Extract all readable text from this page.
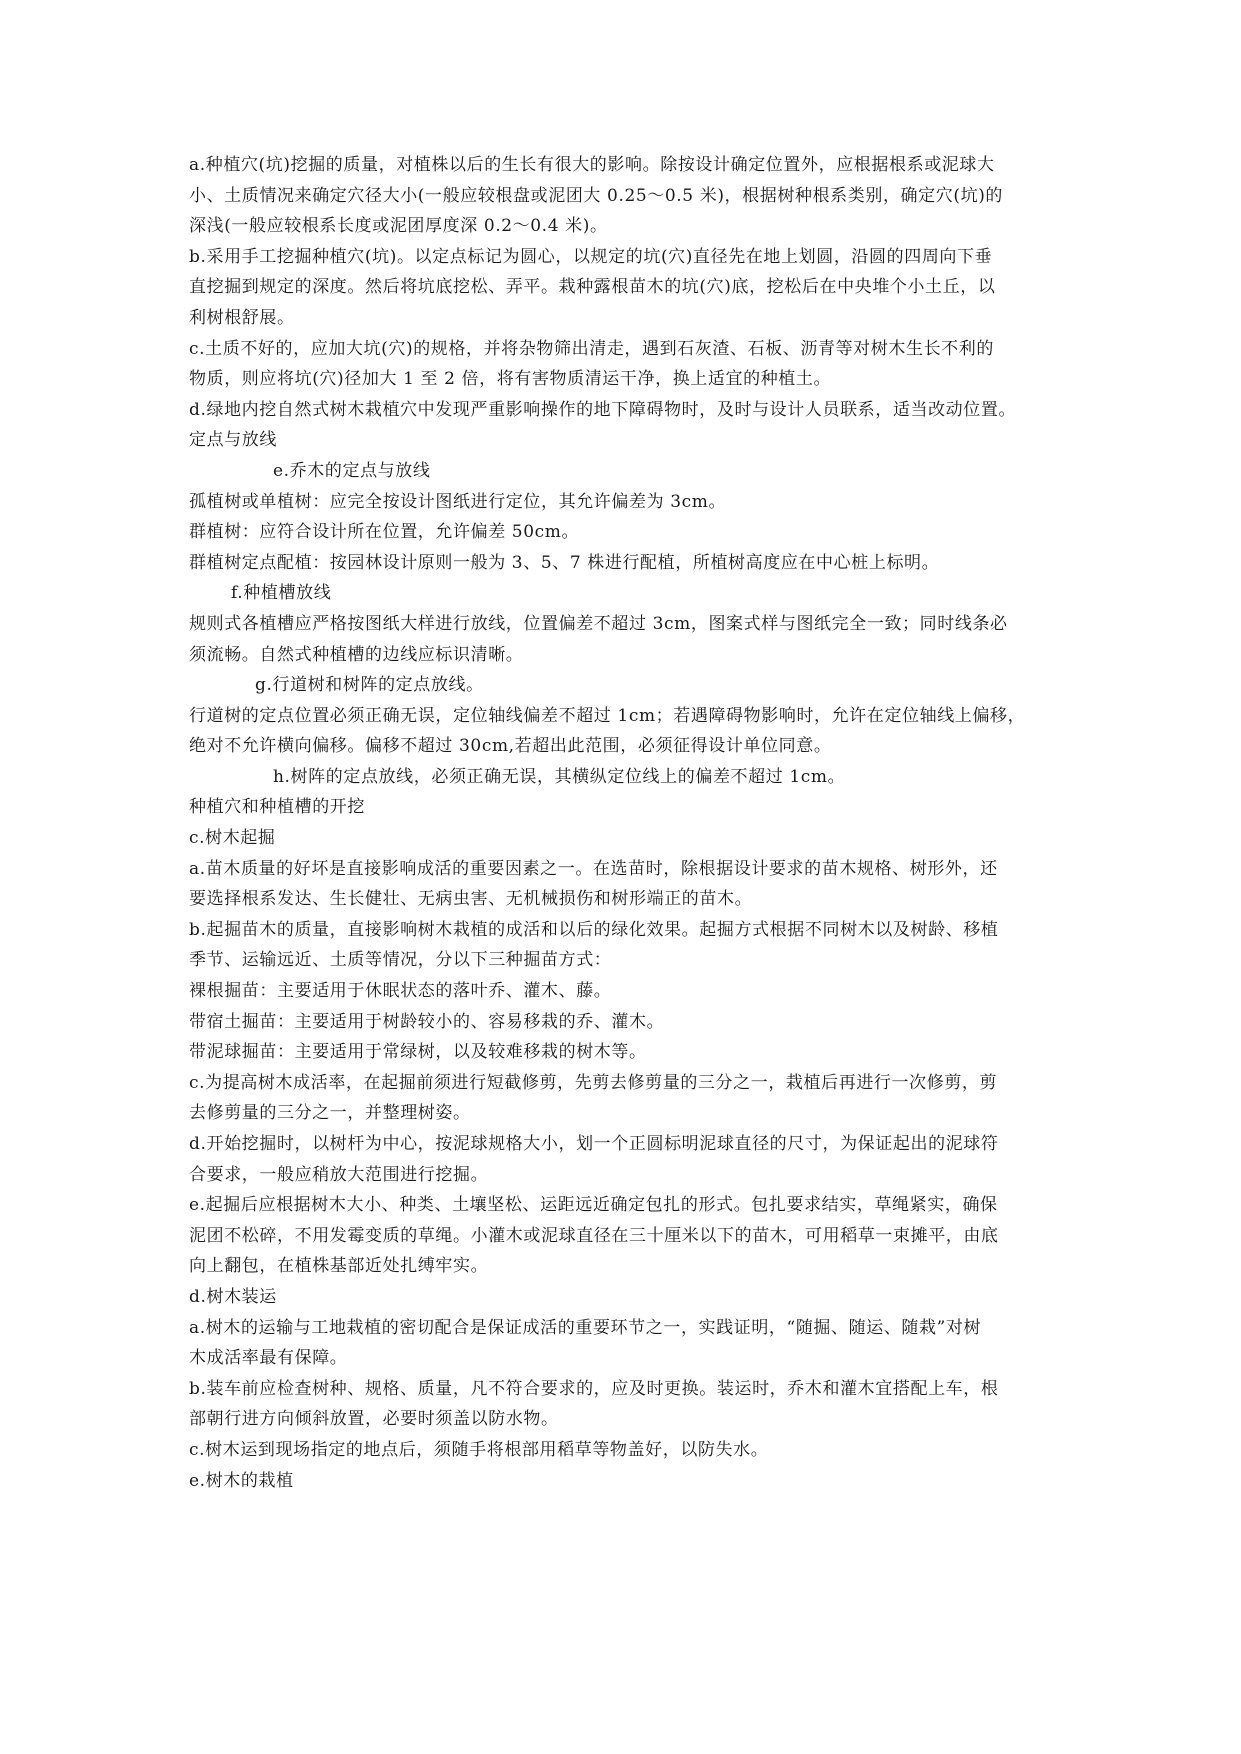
a.种植穴(坑)挖掘的质量，对植株以后的生长有很大的影响。除按设计确定位置外，应根据根系或泥球大

小、土质情况来确定穴径大小(一般应较根盘或泥团大 0.25～0.5 米)，根据树种根系类别，确定穴(坑)的

深浅(一般应较根系长度或泥团厚度深 0.2～0.4 米)。

b.采用手工挖掘种植穴(坑)。以定点标记为圆心，以规定的坑(穴)直径先在地上划圆，沿圆的四周向下垂

直挖掘到规定的深度。然后将坑底挖松、弄平。栽种露根苗木的坑(穴)底，挖松后在中央堆个小土丘，以

利树根舒展。

c.土质不好的，应加大坑(穴)的规格，并将杂物筛出清走，遇到石灰渣、石板、沥青等对树木生长不利的

物质，则应将坑(穴)径加大 1 至 2 倍，将有害物质清运干净，换上适宜的种植土。

d.绿地内挖自然式树木栽植穴中发现严重影响操作的地下障碍物时，及时与设计人员联系，适当改动位置。

定点与放线

e.乔木的定点与放线

孤植树或单植树：应完全按设计图纸进行定位，其允许偏差为 3cm。

群植树：应符合设计所在位置，允许偏差 50cm。

群植树定点配植：按园林设计原则一般为 3、5、7 株进行配植，所植树高度应在中心桩上标明。

f.种植槽放线

规则式各植槽应严格按图纸大样进行放线，位置偏差不超过 3cm，图案式样与图纸完全一致；同时线条必

须流畅。自然式种植槽的边线应标识清晰。

g.行道树和树阵的定点放线。

行道树的定点位置必须正确无误，定位轴线偏差不超过 1cm；若遇障碍物影响时，允许在定位轴线上偏移，

绝对不允许横向偏移。偏移不超过 30cm,若超出此范围，必须征得设计单位同意。

h.树阵的定点放线，必须正确无误，其横纵定位线上的偏差不超过 1cm。

种植穴和种植槽的开挖

c.树木起掘

a.苗木质量的好坏是直接影响成活的重要因素之一。在选苗时，除根据设计要求的苗木规格、树形外，还

要选择根系发达、生长健壮、无病虫害、无机械损伤和树形端正的苗木。

b.起掘苗木的质量，直接影响树木栽植的成活和以后的绿化效果。起掘方式根据不同树木以及树龄、移植

季节、运输远近、土质等情况，分以下三种掘苗方式：

裸根掘苗：主要适用于休眠状态的落叶乔、灌木、藤。

带宿土掘苗：主要适用于树龄较小的、容易移栽的乔、灌木。

带泥球掘苗：主要适用于常绿树，以及较难移栽的树木等。

c.为提高树木成活率，在起掘前须进行短截修剪，先剪去修剪量的三分之一，栽植后再进行一次修剪，剪

去修剪量的三分之一，并整理树姿。

d.开始挖掘时，以树杆为中心，按泥球规格大小，划一个正圆标明泥球直径的尺寸，为保证起出的泥球符

合要求，一般应稍放大范围进行挖掘。

e.起掘后应根据树木大小、种类、土壤坚松、运距远近确定包扎的形式。包扎要求结实，草绳紧实，确保

泥团不松碎，不用发霉变质的草绳。小灌木或泥球直径在三十厘米以下的苗木，可用稻草一束摊平，由底

向上翻包，在植株基部近处扎缚牢实。

d.树木装运

a.树木的运输与工地栽植的密切配合是保证成活的重要环节之一，实践证明，“随掘、随运、随栽”对树

木成活率最有保障。

b.装车前应检查树种、规格、质量，凡不符合要求的，应及时更换。装运时，乔木和灌木宜搭配上车，根

部朝行进方向倾斜放置，必要时须盖以防水物。

c.树木运到现场指定的地点后，须随手将根部用稻草等物盖好，以防失水。

e.树木的栽植
